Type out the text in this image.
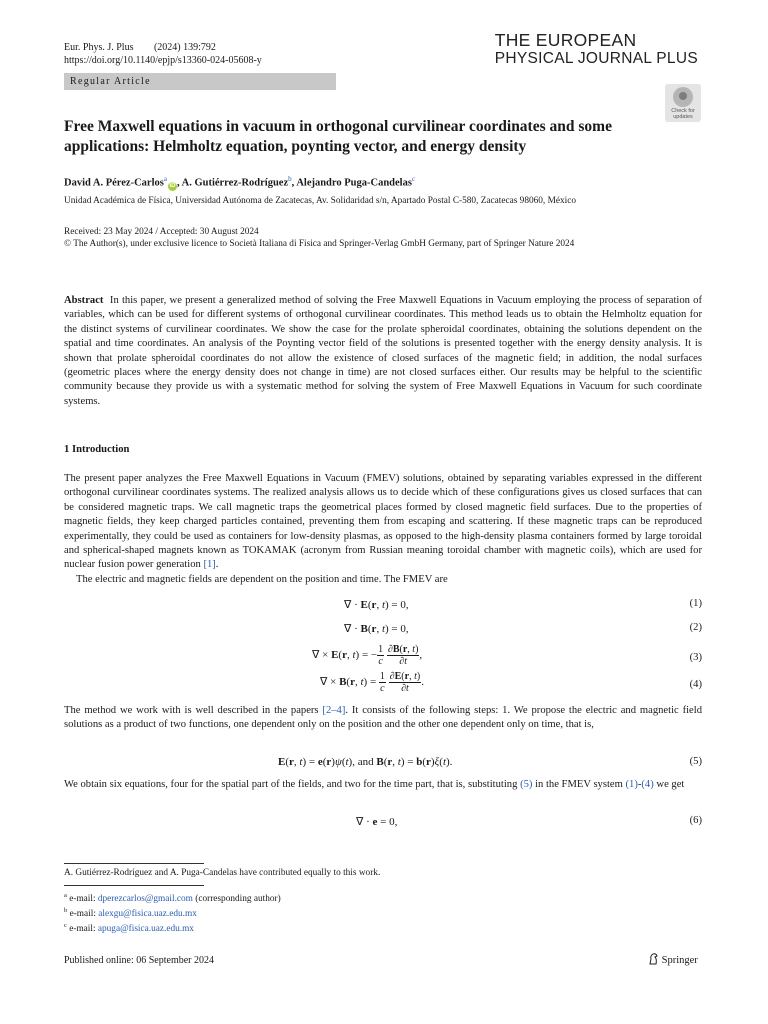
Eur. Phys. J. Plus (2024) 139:792
https://doi.org/10.1140/epjp/s13360-024-05608-y
THE EUROPEAN
PHYSICAL JOURNAL PLUS
Regular Article
Check for
updates
Free Maxwell equations in vacuum in orthogonal curvilinear coordinates and some applications: Helmholtz equation, poynting vector, and energy density
David A. Pérez-Carlos$^a$iD , A. Gutiérrez-Rodríguez$^b$, Alejandro Puga-Candelas$^c$
Unidad Académica de Física, Universidad Autónoma de Zacatecas, Av. Solidaridad s/n, Apartado Postal C-580, Zacatecas 98060, México
Received: 23 May 2024 / Accepted: 30 August 2024
© The Author(s), under exclusive licence to Società Italiana di Fisica and Springer-Verlag GmbH Germany, part of Springer Nature 2024
Abstract In this paper, we present a generalized method of solving the Free Maxwell Equations in Vacuum employing the process of separation of variables, which can be used for different systems of orthogonal curvilinear coordinates. This method leads us to obtain the Helmholtz equation for the distinct systems of curvilinear coordinates. We show the case for the prolate spheroidal coordinates, obtaining the solutions dependent on the spatial and time coordinates. An analysis of the Poynting vector field of the solutions is presented together with the energy density analysis. It is shown that prolate spheroidal coordinates do not allow the existence of closed surfaces of the magnetic field; in addition, the nodal surfaces (geometric places where the energy density does not change in time) are not closed surfaces either. Our results may be helpful to the scientific community because they provide us with a systematic method for solving the system of Free Maxwell Equations in Vacuum for such coordinate systems.
1 Introduction
The present paper analyzes the Free Maxwell Equations in Vacuum (FMEV) solutions, obtained by separating variables expressed in the different orthogonal curvilinear coordinates systems. The realized analysis allows us to decide which of these configurations gives us closed surfaces that can be considered magnetic traps. We call magnetic traps the geometrical places formed by closed magnetic field surfaces. Due to the properties of magnetic fields, they keep charged particles contained, preventing them from escaping and scattering. If these magnetic traps can be reproduced experimentally, they could be used as containers for low-density plasmas, as opposed to the high-density plasma containers formed by large toroidal and spherical-shaped magnets known as TOKAMAK (acronym from Russian meaning toroidal chamber with magnetic coils), which are used for nuclear fusion power generation [1].
The electric and magnetic fields are dependent on the position and time. The FMEV are
∇ · E(r, t) = 0,	(1)
∇ · B(r, t) = 0,	(2)
∇ × E(r, t) = − $\frac{1}{c}$
$\frac{\partial B(r, t)}{\partial t}$ ,	(3)
∇ × B(r, $t) = \frac{1}{c}$
$\frac{\partial E(r, t)}{\partial t}$ .	(4)
The method we work with is well described in the papers [2–4]. It consists of the following steps: 1. We propose the electric and magnetic field solutions as a product of two functions, one dependent only on the position and the other one dependent only on time, that is,
E(r, t) = e(r)ψ(t), and B(r, t) = b(r)ξ(t).	(5)
We obtain six equations, four for the spatial part of the fields, and two for the time part, that is, substituting (5) in the FMEV system (1)-(4) we get
∇ · e = 0,	(6)
A. Gutiérrez-Rodríguez and A. Puga-Candelas have contributed equally to this work.
$^a$ e-mail: dperezcarlos@gmail.com (corresponding author)
$^b$ e-mail: alexgu@fisica.uaz.edu.mx
$^c$ e-mail: apuga@fisica.uaz.edu.mx
Published online: 06 September 2024	Springer
